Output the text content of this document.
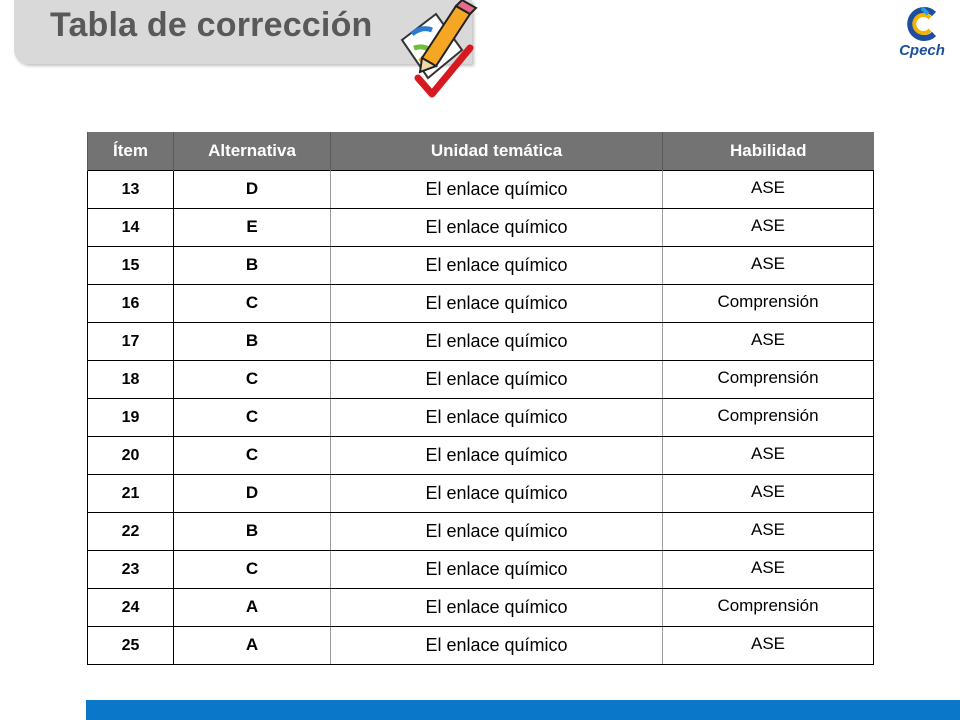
Tabla de corrección
Cpech
Ítem	Alternativa	Unidad temática	Habilidad
13	D	El enlace químico	ASE
14	E	El enlace químico	ASE
15	B	El enlace químico	ASE
16	C	El enlace químico	Comprensión
17	B	El enlace químico	ASE
18	C	El enlace químico	Comprensión
19	C	El enlace químico	Comprensión
20	C	El enlace químico	ASE
21	D	El enlace químico	ASE
22	B	El enlace químico	ASE
23	C	El enlace químico	ASE
24	A	El enlace químico	Comprensión
25	A	El enlace químico	ASE
